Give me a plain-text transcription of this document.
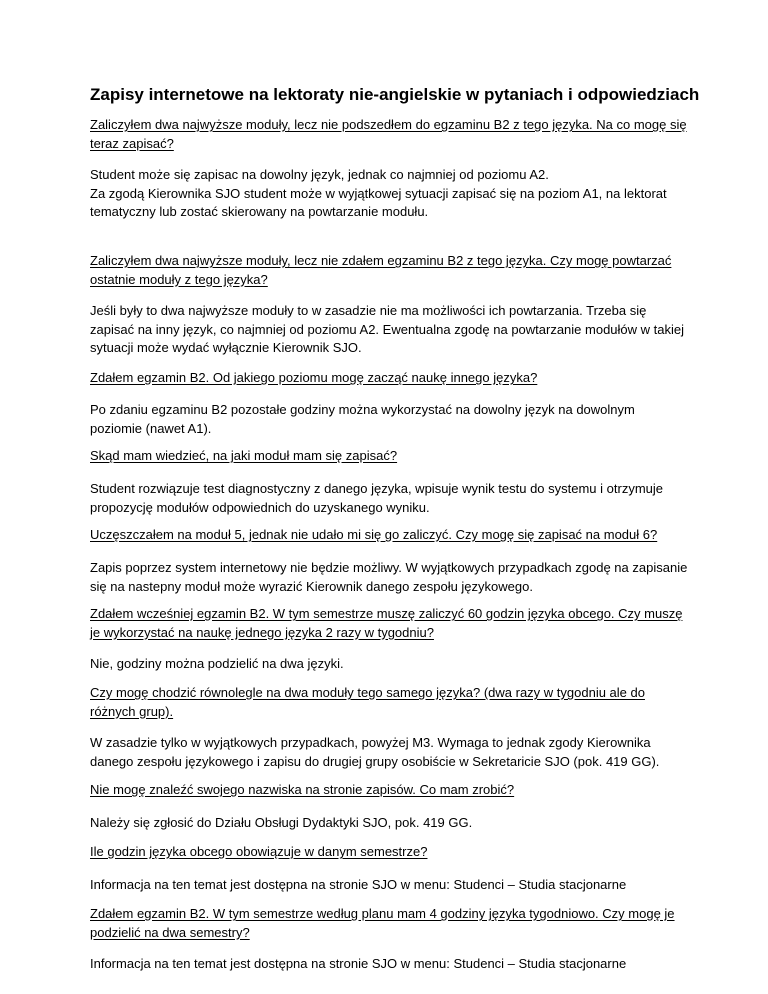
Zapisy internetowe na lektoraty nie-angielskie w pytaniach i odpowiedziach

Zaliczyłem dwa najwyższe moduły, lecz nie podszedłem do egzaminu B2 z tego języka. Na co mogę się teraz zapisać?

Student może się zapisac na dowolny język, jednak co najmniej od poziomu A2.
Za zgodą Kierownika SJO student może w wyjątkowej sytuacji zapisać się na poziom A1, na lektorat tematyczny lub zostać skierowany na powtarzanie modułu.

Zaliczyłem dwa najwyższe moduły, lecz nie zdałem egzaminu B2 z tego języka. Czy mogę powtarzać ostatnie moduły z tego języka?

Jeśli były to dwa najwyższe moduły to w zasadzie nie ma możliwości ich powtarzania. Trzeba się zapisać na inny język, co najmniej od poziomu A2. Ewentualna zgodę na powtarzanie modułów w takiej sytuacji może wydać wyłącznie Kierownik SJO.

Zdałem egzamin B2. Od jakiego poziomu mogę zacząć naukę innego języka?

Po zdaniu egzaminu B2 pozostałe godziny można wykorzystać na dowolny język na dowolnym poziomie (nawet A1).

Skąd mam wiedzieć, na jaki moduł mam się zapisać?

Student rozwiązuje test diagnostyczny z danego języka, wpisuje wynik testu do systemu i otrzymuje propozycję modułów odpowiednich do uzyskanego wyniku.

Uczęszczałem na moduł 5, jednak nie udało mi się go zaliczyć. Czy mogę się zapisać na moduł 6?

Zapis poprzez system internetowy nie będzie możliwy. W wyjątkowych przypadkach zgodę na zapisanie się na nastepny moduł może wyrazić Kierownik danego zespołu językowego.

Zdałem wcześniej egzamin B2. W tym semestrze muszę zaliczyć 60 godzin języka obcego. Czy muszę je wykorzystać na naukę jednego języka 2 razy w tygodniu?

Nie, godziny można podzielić na dwa języki.

Czy mogę chodzić równolegle na dwa moduły tego samego języka? (dwa razy w tygodniu ale do różnych grup).

W zasadzie tylko w wyjątkowych przypadkach, powyżej M3. Wymaga to jednak zgody Kierownika danego zespołu językowego i zapisu do drugiej grupy osobiście w Sekretaricie SJO (pok. 419 GG).

Nie mogę znaleźć swojego nazwiska na stronie zapisów. Co mam zrobić?

Należy się zgłosić do Działu Obsługi Dydaktyki SJO, pok. 419 GG.

Ile godzin języka obcego obowiązuje w danym semestrze?

Informacja na ten temat jest dostępna na stronie SJO w menu: Studenci – Studia stacjonarne

Zdałem egzamin B2. W tym semestrze według planu mam 4 godziny języka tygodniowo. Czy mogę je podzielić na dwa semestry?

Informacja na ten temat jest dostępna na stronie SJO w menu: Studenci – Studia stacjonarne
